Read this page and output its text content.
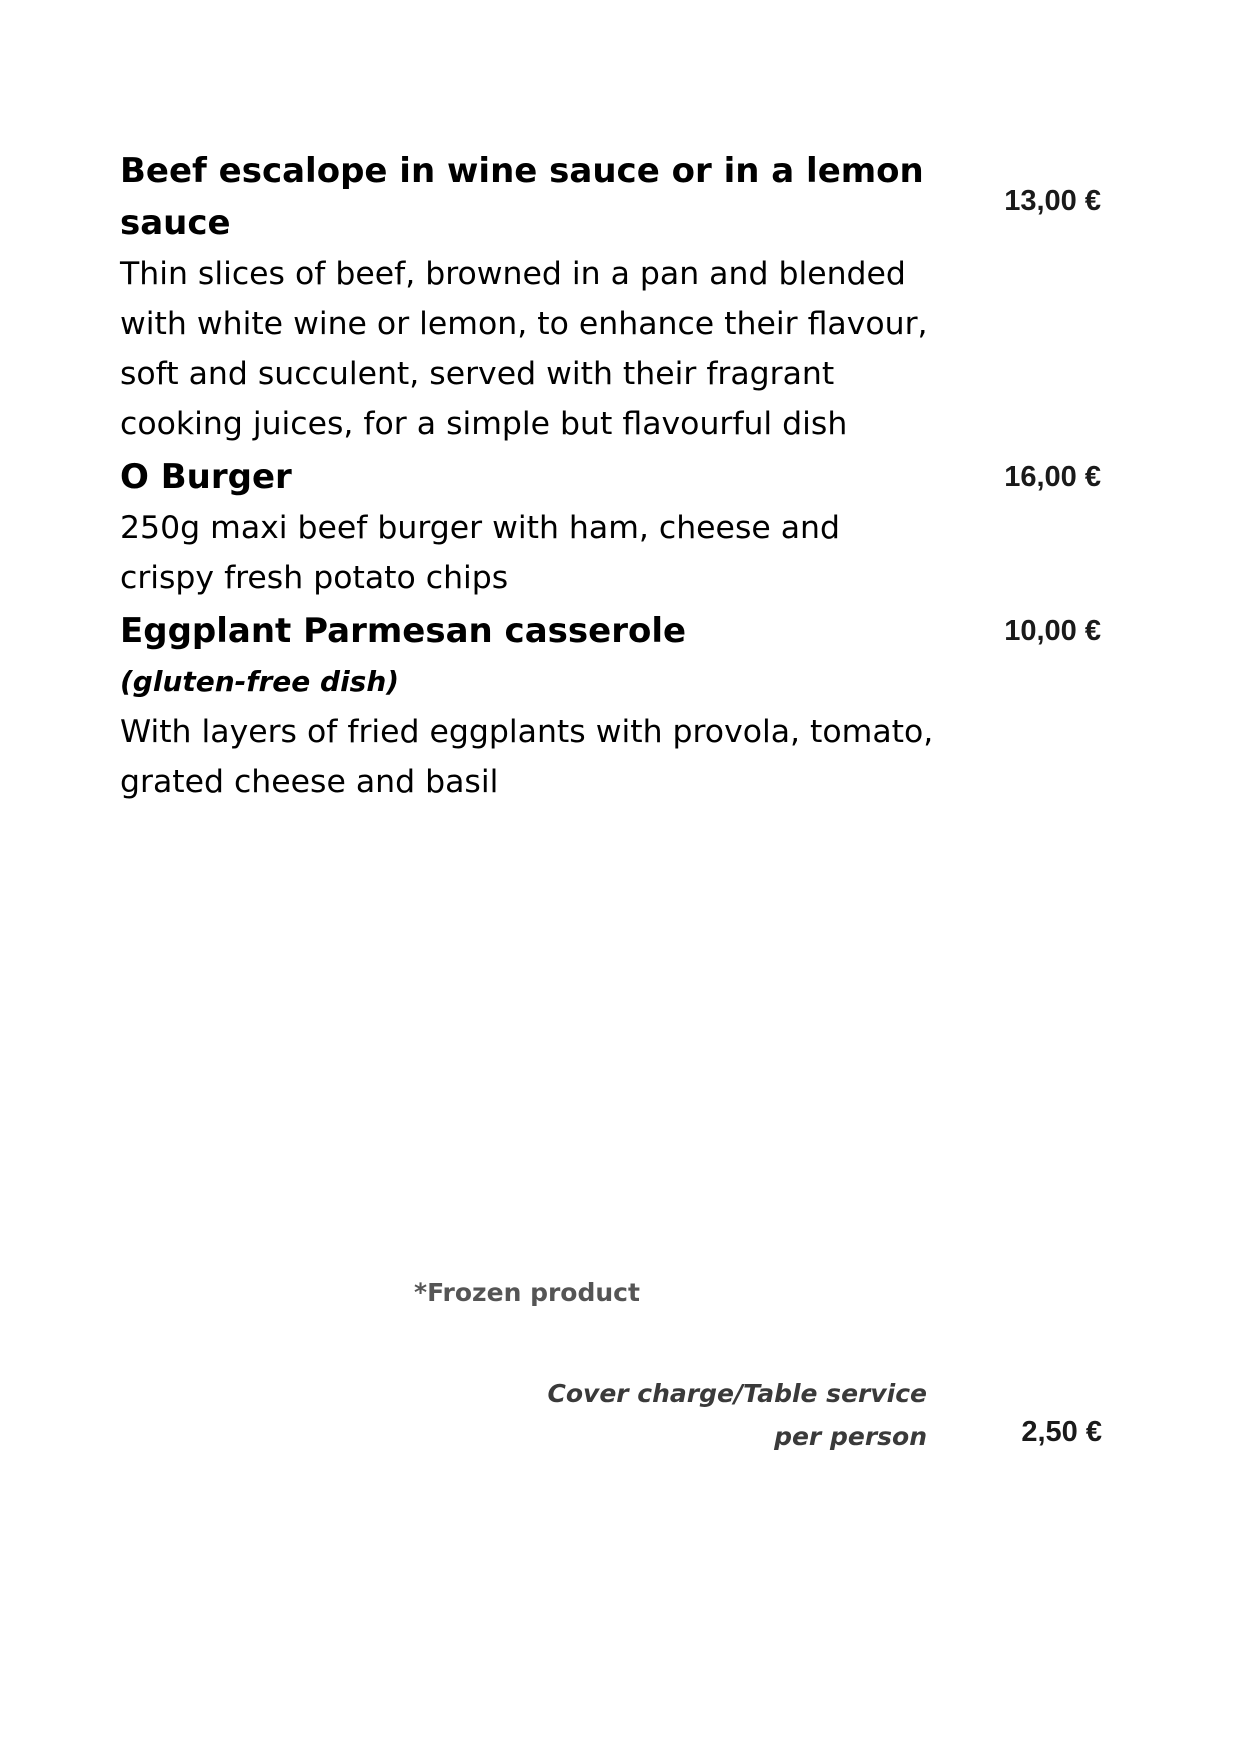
Beef escalope in wine sauce or in a lemon sauce

13,00 €

Thin slices of beef, browned in a pan and blended with white wine or lemon, to enhance their flavour, soft and succulent, served with their fragrant cooking juices, for a simple but flavourful dish

O Burger	16,00 €

250g maxi beef burger with ham, cheese and crispy fresh potato chips

Eggplant Parmesan casserole	10,00 €

(gluten-free dish)

With layers of fried eggplants with provola, tomato, grated cheese and basil

*Frozen product
Cover charge/Table service
per person	2,50 €
